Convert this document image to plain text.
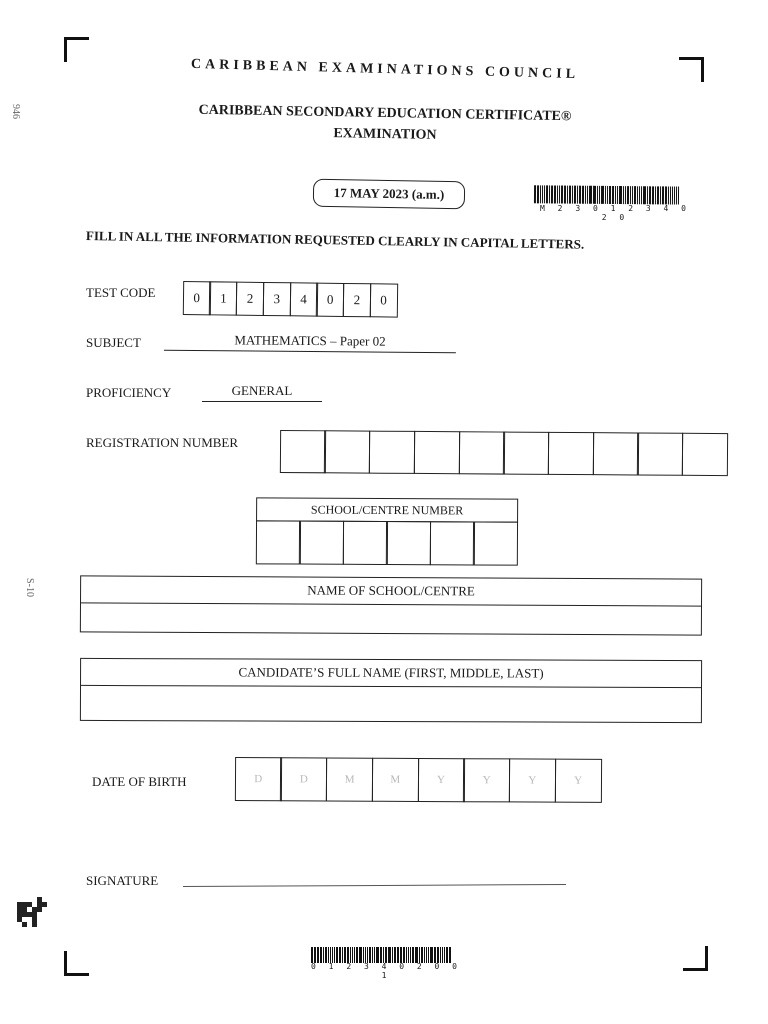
946
S-10
CARIBBEAN EXAMINATIONS COUNCIL
CARIBBEAN SECONDARY EDUCATION CERTIFICATE®
EXAMINATION
17 MAY 2023 (a.m.)
M 2 3 0 1 2 3 4 0 2 0
FILL IN ALL THE INFORMATION REQUESTED CLEARLY IN CAPITAL LETTERS.
TEST CODE	0	1	2	3	4	0	2	0
SUBJECT	MATHEMATICS – Paper 02
PROFICIENCY	GENERAL
REGISTRATION NUMBER
SCHOOL/CENTRE NUMBER
NAME OF SCHOOL/CENTRE
CANDIDATE’S FULL NAME (FIRST, MIDDLE, LAST)
DATE OF BIRTH	D	D	M	M	Y	Y	Y	Y
SIGNATURE
0 1 2 3 4 0 2 0 0 1
